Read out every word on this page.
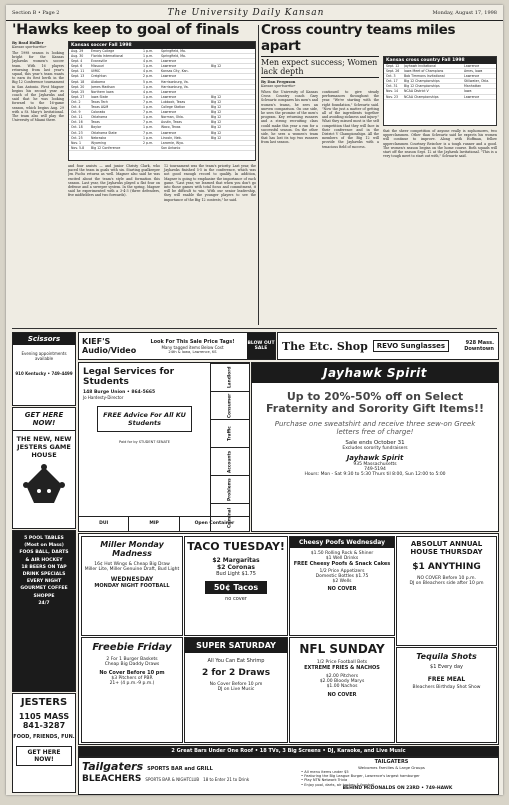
Section B • Page 2	The University Daily Kansan	Monday, August 17, 1998
'Hawks keep to goal of finals
By Brad Hollier
Kansan sportswriter
The 1998 season is looking bright for the Kansas Jayhawks women's soccer team. With 16 players returning from last year's squad, this year's team wants to earn its first berth in the Big 12 Conference tournament in San Antonio. First Magner begins his second year as coach of the Jayhawks and said that he was looking forward to the 16-game season, which begins Aug. 29 with a St. Mary's Invitational. The team also will play the University of Miami there.
Kansas soccer Fall 1998
Aug. 29	Emory College	1 p.m.	Springfield, Mo.
Aug. 30	Florida International	1 p.m.	Springfield, Mo.
Sept. 4	Evansville	4 p.m.	Lawrence
Sept. 6	Missouri	1 p.m.	Lawrence	Big 12
Sept. 11	UMKC	4 p.m.	Kansas City, Kan.
Sept. 13	Creighton	2 p.m.	Lawrence
Sept. 18	Alabama	5 p.m.	Harrisonburg, Va.
Sept. 20	James Madison	1 p.m.	Harrisonburg, Va.
Sept. 25	Northern Iowa	4 p.m.	Lawrence
Sept. 27	Iowa State	1 p.m.	Lawrence	Big 12
Oct. 2	Texas Tech	7 p.m.	Lubbock, Texas	Big 12
Oct. 4	Texas A&M	1 p.m.	College Station	Big 12
Oct. 9	Colorado	7 p.m.	Lawrence	Big 12
Oct. 11	Oklahoma	1 p.m.	Norman, Okla.	Big 12
Oct. 16	Texas	7 p.m.	Austin, Texas	Big 12
Oct. 18	Baylor	1 p.m.	Waco, Texas	Big 12
Oct. 23	Oklahoma State	7 p.m.	Lawrence	Big 12
Oct. 25	Nebraska	1 p.m.	Lincoln, Neb.	Big 12
Nov. 1	Wyoming	2 p.m.	Laramie, Wyo.
Nov. 5-8	Big 12 Conference	San Antonio
and four assists — and junior Christy Clark, who paced the team in goals with six. Starting goalkeeper Jen Fuchs returns as well. Magner also said he was excited about the team's style and formation this season. Last year, the Jayhawks played a flat four on defense and a sweeper system. In the spring, Magner said he experimented with a 3-4-3 (three defenders, five midfielders and two forwards).
12 tournament was the team's priority. Last year, the Jayhawks finished 5-5 in the conference, which was not good enough record to qualify. In addition, Magner is going to emphasize the importance of each game. "Last year, we learned that when you don't go into those games with total focus and commitment, it will be difficult to win. With our senior leadership, they will enable the younger players to see the importance of the Big 12 contests," he said.
Cross country teams miles apart
Men expect success; Women lack depth
By Dan Ferguson
Kansan sportswriter
When the University of Kansas Cross Country coach Gary Schwartz compares his men's and women's teams, he sees an uneven comparison. On one side, he sees the promise of the men's program. Key returning runners and a strong recruiting class could make this year a run for a successful season. On the other side, he sees a women's team that has lost its top two runners from last season.
continued to give steady performances throughout the year. "We're starting with the right foundation," Schwartz said. "Now the just a matter of getting all of the ingredients together and avoiding sickness and injury." What they missed most is the self competition that they will face in their conference and in the District V Championships. All the members of the Big 12 will provide the Jayhawks with a tenacious field of success.
Kansas cross country Fall 1998
Sept. 12	Jayhawk Invitational	Lawrence
Sept. 26	Iowa Meet of Champions	Ames, Iowa
Oct. 3	Bob Timmons Invitational	Lawrence
Oct. 17	Big 12 Championships	Stillwater, Okla.
Oct. 31	Big 12 Championships	Manhattan
Nov. 14	NCAA District V	Iowa
Nov. 23	NCAA Championships	Lawrence
that the sheer competition of anyone really is sophomores, two upperclassmen. Other than Schwartz said he expects his women will continue to improve. Along with Hoffman, fellow upperclassmen Courtney Reischer is a tough runner and a good. The women's season begins on the home course. Both squads will start off the season Sept. 12 at the Jayhawk Invitational. "This is a very tough meet to start out with," Schwartz said.
Scissors
Evening appointments available
910 Kentucky • 749-4499
GET HERE NOW!
THE NEW, NEW JESTERS GAME HOUSE
5 POOL TABLES (Most on Mass)
FOOS BALL, DARTS
& AIR HOCKEY
18 BEERS ON TAP
DRINK SPECIALS EVERY NIGHT
GOURMET COFFEE SHOPPE
24/7
JESTERS
1105 MASS
841-3287
FOOD, FRIENDS, FUN.
GET HERE NOW!
KIEF'S Audio/Video
Look For This Sale Price Tags!
Many tagged items Below Cost
24th & Iowa, Lawrence, KS
BLOW OUT SALE	The Etc. Shop	REVO Sunglasses	928 Mass. Downtown
Legal Services for Students
148 Burge Union • 864-5665
Jo Hardesty-Director
FREE Advice For All KU Students
Paid for by STUDENT SENATE
Landlord
Consumer
Traffic
Accounts
Problems
Criminal
DUI	MIP	Open Container
Jayhawk Spirit
Up to 20%-50% off on Select Fraternity and Sorority Gift Items!!
Purchase one sweatshirt and receive three sew-on Greek letters free of charge!
Sale ends October 31
Excludes sorority fundraisers
Jayhawk Spirit
935 Massachusetts
749-5194
Hours: Mon - Sat 9:30 to 5:30 Thurs til 8:00, Sun 12:00 to 5:00
Miller Monday Madness
16¢ Hot Wings & Cheap Big Draw
Miller Lite, Miller Genuine Draft, Bud Light
WEDNESDAY
MONDAY NIGHT FOOTBALL
Freebie Friday
2 For 1 Burger Baskets
Cheap Big Daddy Draws
No Cover Before 10 pm
$3 Pitchers of PBR
21+ (4 p.m.-9 p.m.)
TACO TUESDAY!
$2 Margaritas
$2 Coronas
Bud Light $1.75
50¢ Tacos
no cover
SUPER SATURDAY
All You Can Eat Shrimp
2 for 2 Draws
No Cover Before 10 pm
DJ on Live Music
Cheesy Poofs Wednesday
$1.50 Rolling Rock & Shiner
$1 Well Drinks
FREE Cheesy Poofs & Snack Cakes
1/2 Price Appetizers
Domestic Bottles $1.75
$2 Wells
NO COVER
NFL SUNDAY
1/2 Price Football Bets
EXTREME FRIES & NACHOS
$2.00 Pitchers
$2.00 Bloody Marys
$1.00 Nachos
NO COVER
ABSOLUT ANNUAL HOUSE THURSDAY
$1 ANYTHING
NO COVER Before 10 p.m.
DJ on Bleachers side after 10 pm
Tequila Shots
$1 Every day
FREE MEAL
Bleachers Birthday Shot Show
2 Great Bars Under One Roof • 18 TVs, 3 Big Screens • DJ, Karaoke, and Live Music
Tailgaters SPORTS BAR and GRILL
BLEACHERS SPORTS BAR & NIGHTCLUB 18 to Enter 21 to Drink
TAILGATERS
Welcomes Families & Large Groups
• All menu items under $5
• Featuring the Big League Burger, Lawrence's largest hamburger
• Play NTN Network Trivia
• Enjoy pool, darts, air hockey & foosball
BEHIND McDONALDS ON 23RD • 749-HAWK
